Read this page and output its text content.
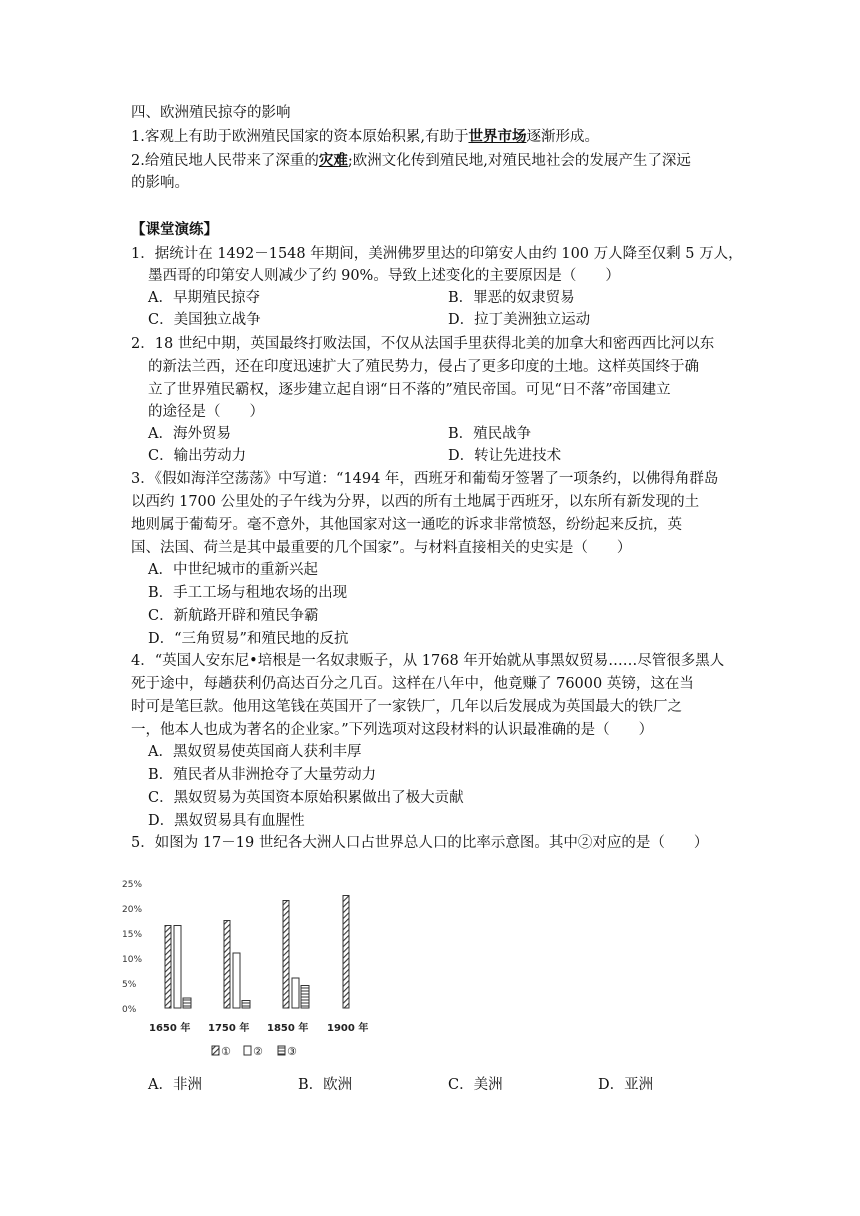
四、欧洲殖民掠夺的影响
1.客观上有助于欧洲殖民国家的资本原始积累,有助于世界市场逐渐形成。
2.给殖民地人民带来了深重的灾难;欧洲文化传到殖民地,对殖民地社会的发展产生了深远
的影响。
【课堂演练】
1．据统计在 1492－1548 年期间，美洲佛罗里达的印第安人由约 100 万人降至仅剩 5 万人，
墨西哥的印第安人则减少了约 90%。导致上述变化的主要原因是（　　）
A．早期殖民掠夺	B．罪恶的奴隶贸易
C．美国独立战争	D．拉丁美洲独立运动
2．18 世纪中期，英国最终打败法国，不仅从法国手里获得北美的加拿大和密西西比河以东
的新法兰西，还在印度迅速扩大了殖民势力，侵占了更多印度的土地。这样英国终于确
立了世界殖民霸权，逐步建立起自诩“日不落的”殖民帝国。可见“日不落”帝国建立
的途径是（　　）
A．海外贸易	B．殖民战争
C．输出劳动力	D．转让先进技术
3．《假如海洋空荡荡》中写道：“1494 年，西班牙和葡萄牙签署了一项条约，以佛得角群岛
以西约 1700 公里处的子午线为分界，以西的所有土地属于西班牙，以东所有新发现的土
地则属于葡萄牙。毫不意外，其他国家对这一通吃的诉求非常愤怒，纷纷起来反抗，英
国、法国、荷兰是其中最重要的几个国家”。与材料直接相关的史实是（　　）
A．中世纪城市的重新兴起
B．手工工场与租地农场的出现
C．新航路开辟和殖民争霸
D．“三角贸易”和殖民地的反抗
4．“英国人安东尼•培根是一名奴隶贩子，从 1768 年开始就从事黑奴贸易……尽管很多黑人
死于途中，每趟获利仍高达百分之几百。这样在八年中，他竟赚了 76000 英镑，这在当
时可是笔巨款。他用这笔钱在英国开了一家铁厂，几年以后发展成为英国最大的铁厂之
一，他本人也成为著名的企业家。”下列选项对这段材料的认识最准确的是（　　）
A．黑奴贸易使英国商人获利丰厚
B．殖民者从非洲抢夺了大量劳动力
C．黑奴贸易为英国资本原始积累做出了极大贡献
D．黑奴贸易具有血腥性
5．如图为 17－19 世纪各大洲人口占世界总人口的比率示意图。其中②对应的是（　　）
25%
20%
15%
10%
5%
0%
1650 年 1750 年 1850 年 1900 年
① ② ③
A．非洲	B．欧洲	C．美洲	D．亚洲
